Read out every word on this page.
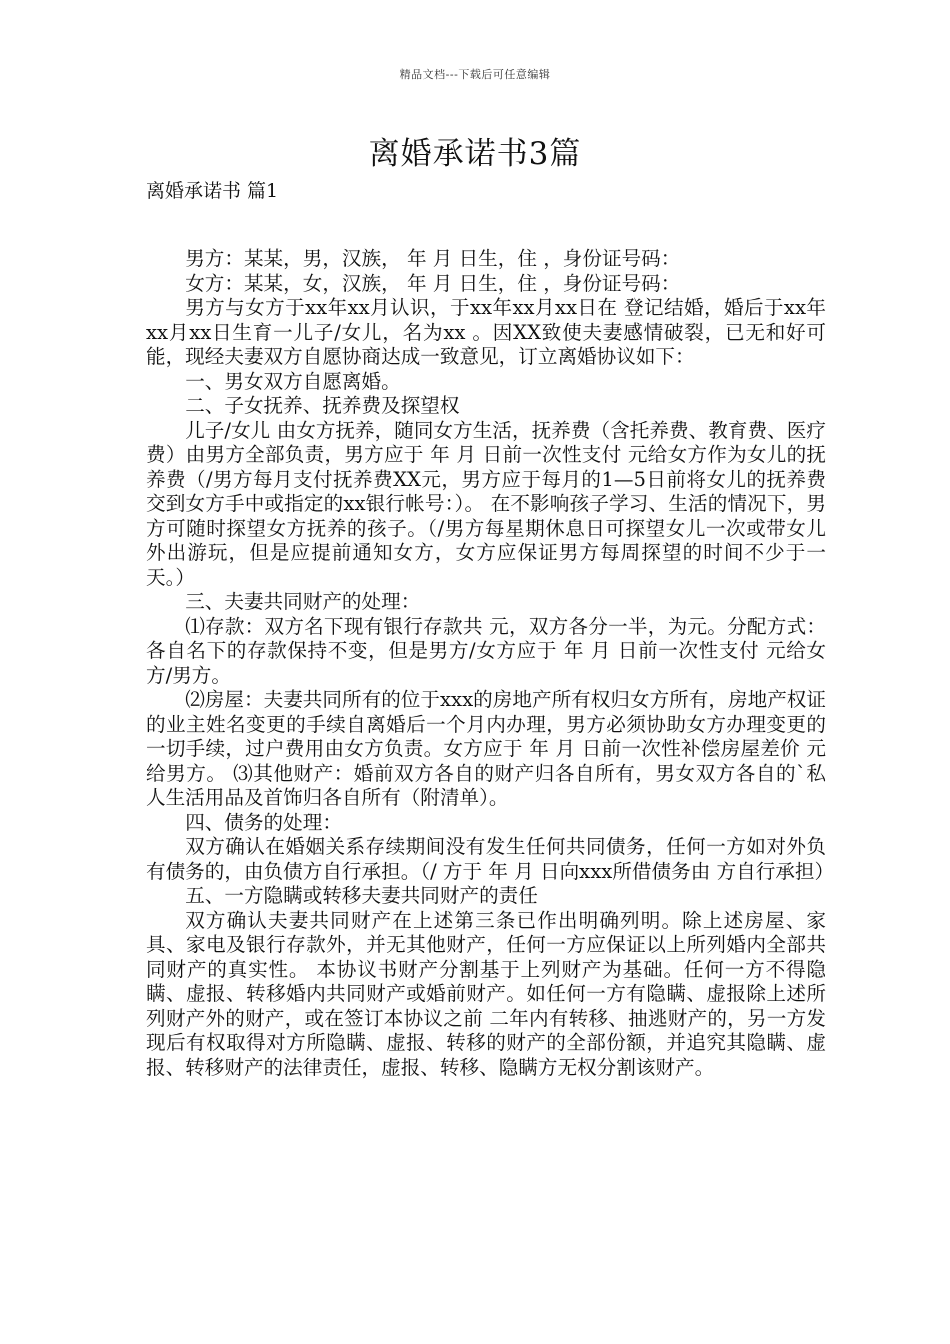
精品文档---下载后可任意编辑
离婚承诺书3篇
离婚承诺书 篇1

男方：某某，男，汉族， 年 月 日生，住 ，身份证号码：

女方：某某，女，汉族， 年 月 日生，住 ，身份证号码：

男方与女方于xx年xx月认识，于xx年xx月xx日在 登记结婚，婚后于xx年xx月xx日生育一儿子/女儿，名为xx 。因XX致使夫妻感情破裂，已无和好可能，现经夫妻双方自愿协商达成一致意见，订立离婚协议如下：

一、男女双方自愿离婚。

二、子女抚养、抚养费及探望权

儿子/女儿 由女方抚养，随同女方生活，抚养费（含托养费、教育费、医疗费）由男方全部负责，男方应于 年 月 日前一次性支付 元给女方作为女儿的抚养费（/男方每月支付抚养费XX元，男方应于每月的1—5日前将女儿的抚养费交到女方手中或指定的xx银行帐号：）。 在不影响孩子学习、生活的情况下，男方可随时探望女方抚养的孩子。（/男方每星期休息日可探望女儿一次或带女儿外出游玩，但是应提前通知女方，女方应保证男方每周探望的时间不少于一天。）

三、夫妻共同财产的处理：

⑴存款：双方名下现有银行存款共 元，双方各分一半，为元。分配方式：各自名下的存款保持不变，但是男方/女方应于 年 月 日前一次性支付 元给女方/男方。

⑵房屋：夫妻共同所有的位于xxx的房地产所有权归女方所有，房地产权证的业主姓名变更的手续自离婚后一个月内办理，男方必须协助女方办理变更的一切手续，过户费用由女方负责。女方应于 年 月 日前一次性补偿房屋差价 元给男方。 ⑶其他财产：婚前双方各自的财产归各自所有，男女双方各自的`私人生活用品及首饰归各自所有（附清单）。

四、债务的处理：

双方确认在婚姻关系存续期间没有发生任何共同债务，任何一方如对外负有债务的，由负债方自行承担。（/ 方于 年 月 日向xxx所借债务由 方自行承担）

五、一方隐瞒或转移夫妻共同财产的责任

双方确认夫妻共同财产在上述第三条已作出明确列明。除上述房屋、家具、家电及银行存款外，并无其他财产，任何一方应保证以上所列婚内全部共同财产的真实性。 本协议书财产分割基于上列财产为基础。任何一方不得隐瞒、虚报、转移婚内共同财产或婚前财产。如任何一方有隐瞒、虚报除上述所列财产外的财产，或在签订本协议之前 二年内有转移、抽逃财产的，另一方发现后有权取得对方所隐瞒、虚报、转移的财产的全部份额，并追究其隐瞒、虚报、转移财产的法律责任，虚报、转移、隐瞒方无权分割该财产。
